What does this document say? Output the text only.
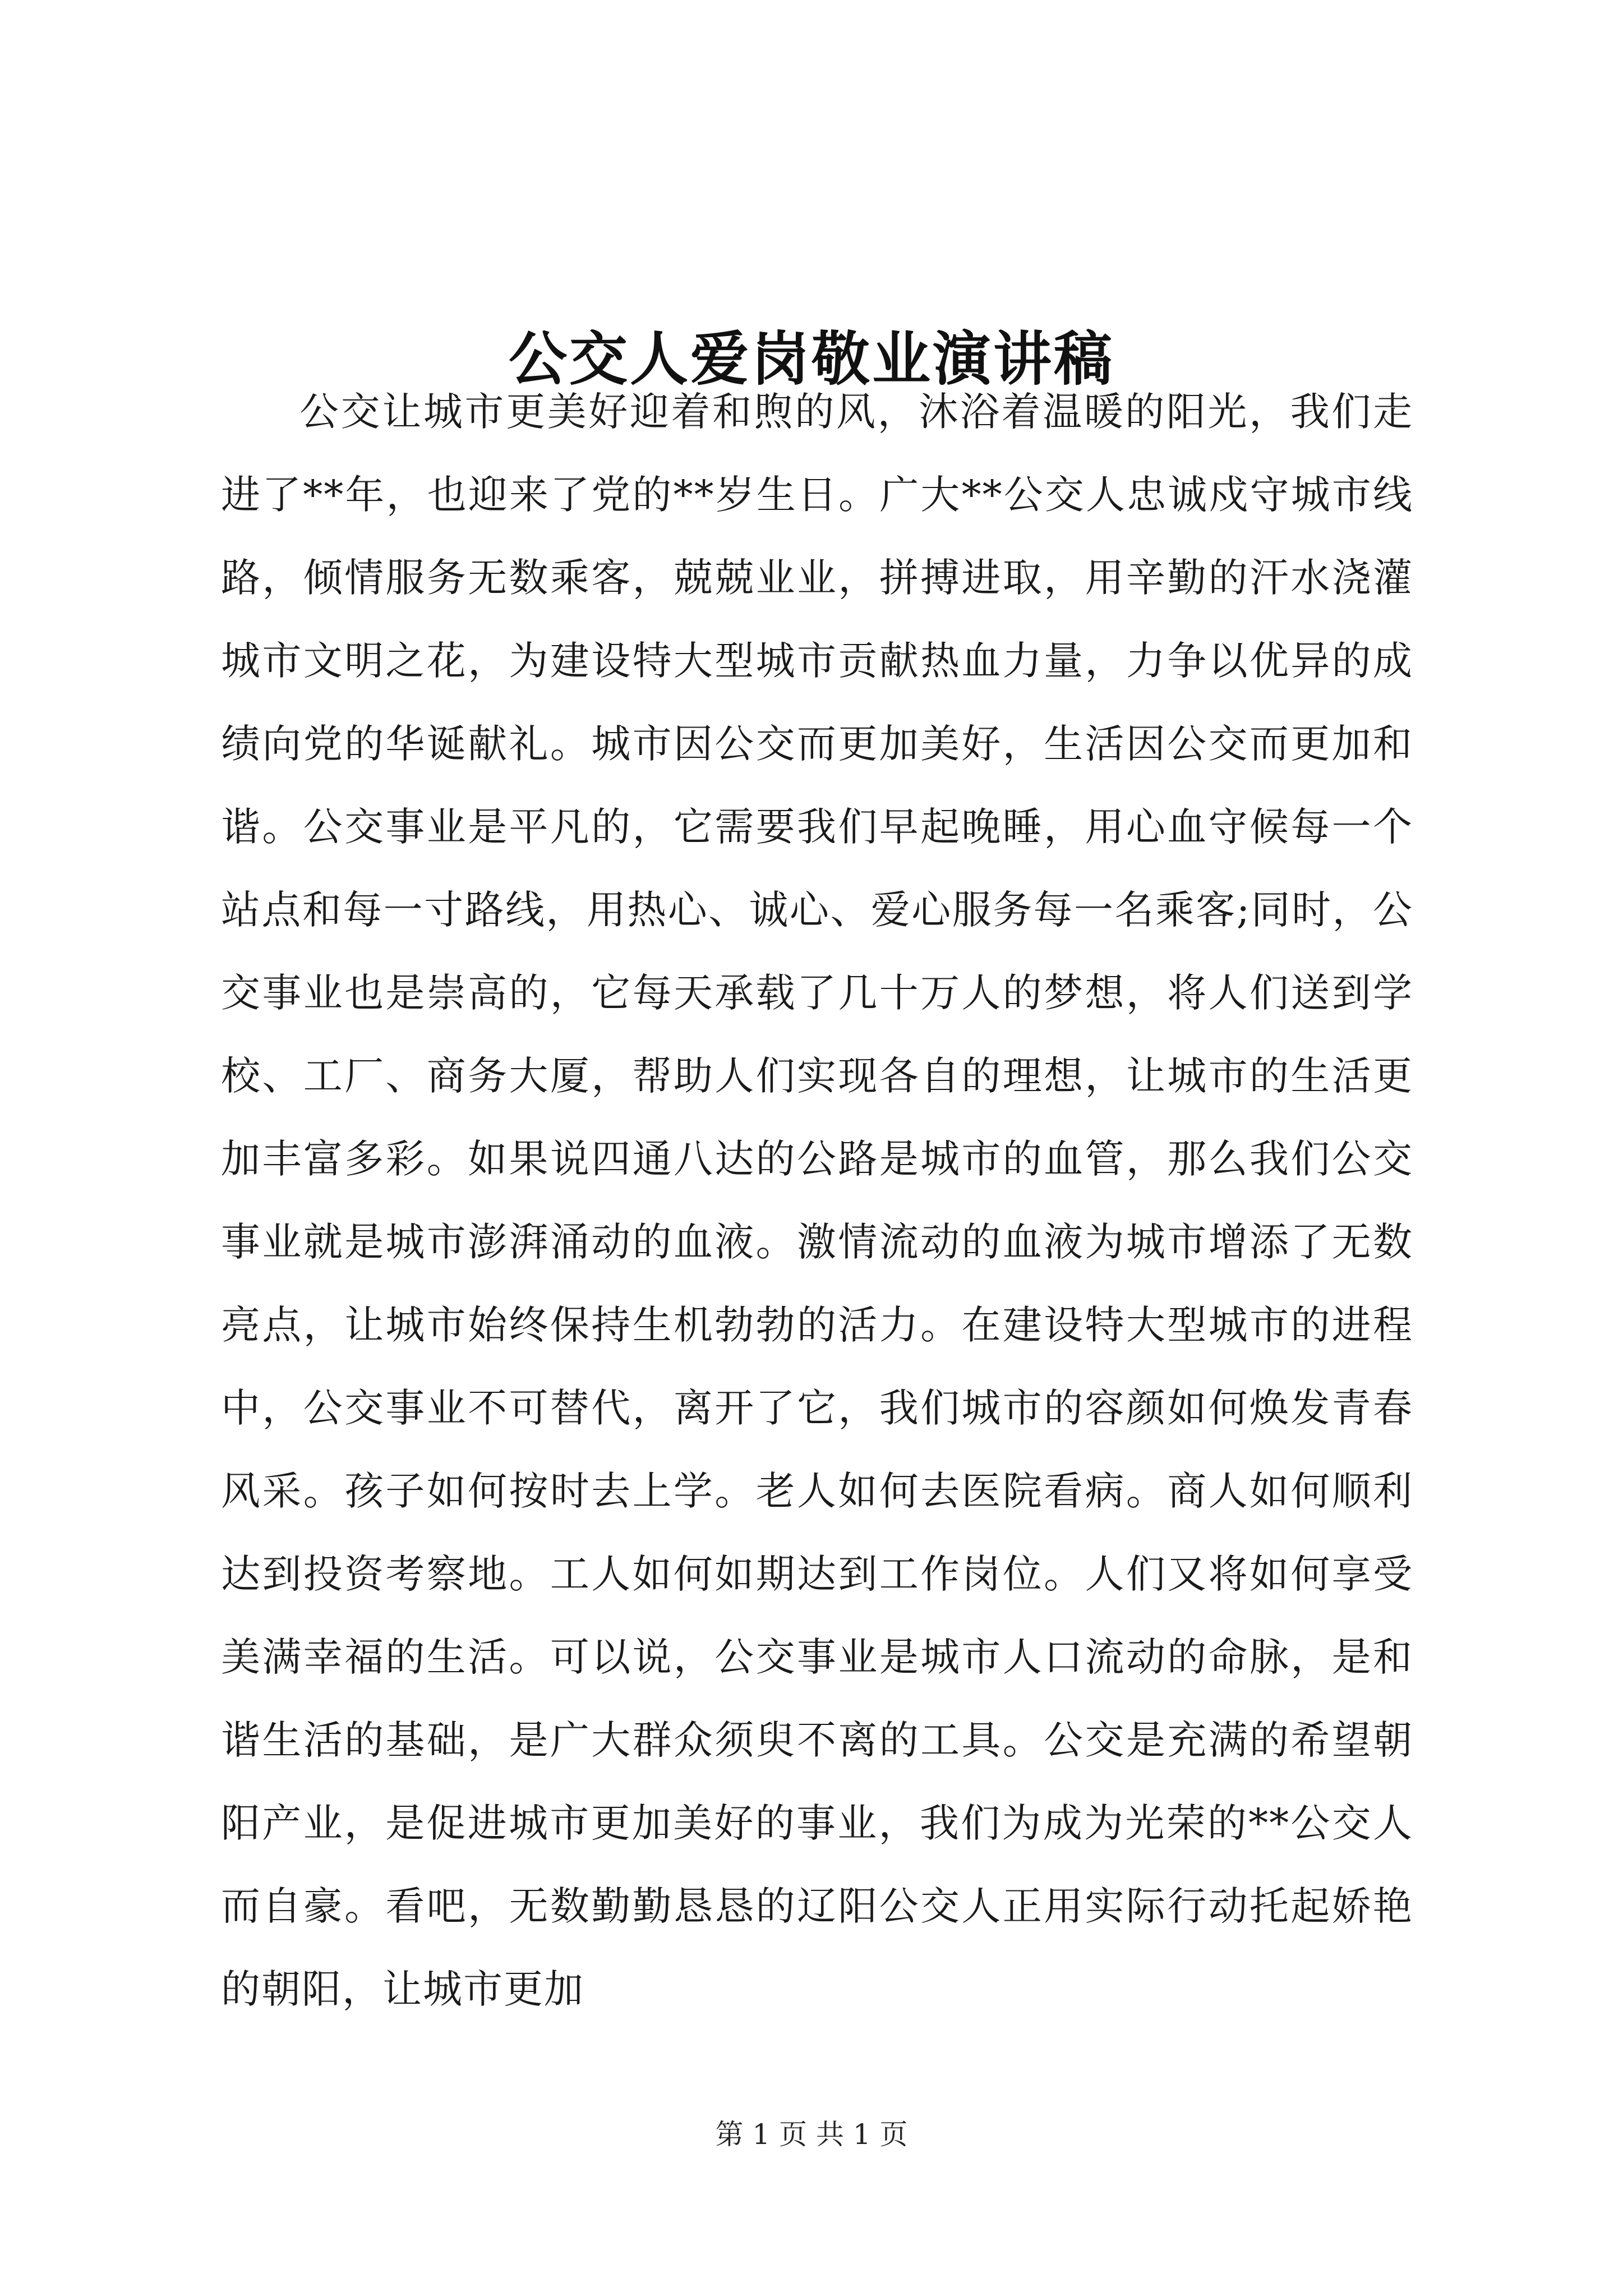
公交人爱岗敬业演讲稿

公交让城市更美好迎着和煦的风，沐浴着温暖的阳光，我们走进了**年，也迎来了党的**岁生日。广大**公交人忠诚戍守城市线路，倾情服务无数乘客，兢兢业业，拼搏进取，用辛勤的汗水浇灌城市文明之花，为建设特大型城市贡献热血力量，力争以优异的成绩向党的华诞献礼。城市因公交而更加美好，生活因公交而更加和谐。公交事业是平凡的，它需要我们早起晚睡，用心血守候每一个站点和每一寸路线，用热心、诚心、爱心服务每一名乘客;同时，公交事业也是崇高的，它每天承载了几十万人的梦想，将人们送到学校、工厂、商务大厦，帮助人们实现各自的理想，让城市的生活更加丰富多彩。如果说四通八达的公路是城市的血管，那么我们公交事业就是城市澎湃涌动的血液。激情流动的血液为城市增添了无数亮点，让城市始终保持生机勃勃的活力。在建设特大型城市的进程中，公交事业不可替代，离开了它，我们城市的容颜如何焕发青春风采。孩子如何按时去上学。老人如何去医院看病。商人如何顺利达到投资考察地。工人如何如期达到工作岗位。人们又将如何享受美满幸福的生活。可以说，公交事业是城市人口流动的命脉，是和谐生活的基础，是广大群众须臾不离的工具。公交是充满的希望朝阳产业，是促进城市更加美好的事业，我们为成为光荣的**公交人而自豪。看吧，无数勤勤恳恳的辽阳公交人正用实际行动托起娇艳的朝阳，让城市更加

第 1 页 共 1 页
